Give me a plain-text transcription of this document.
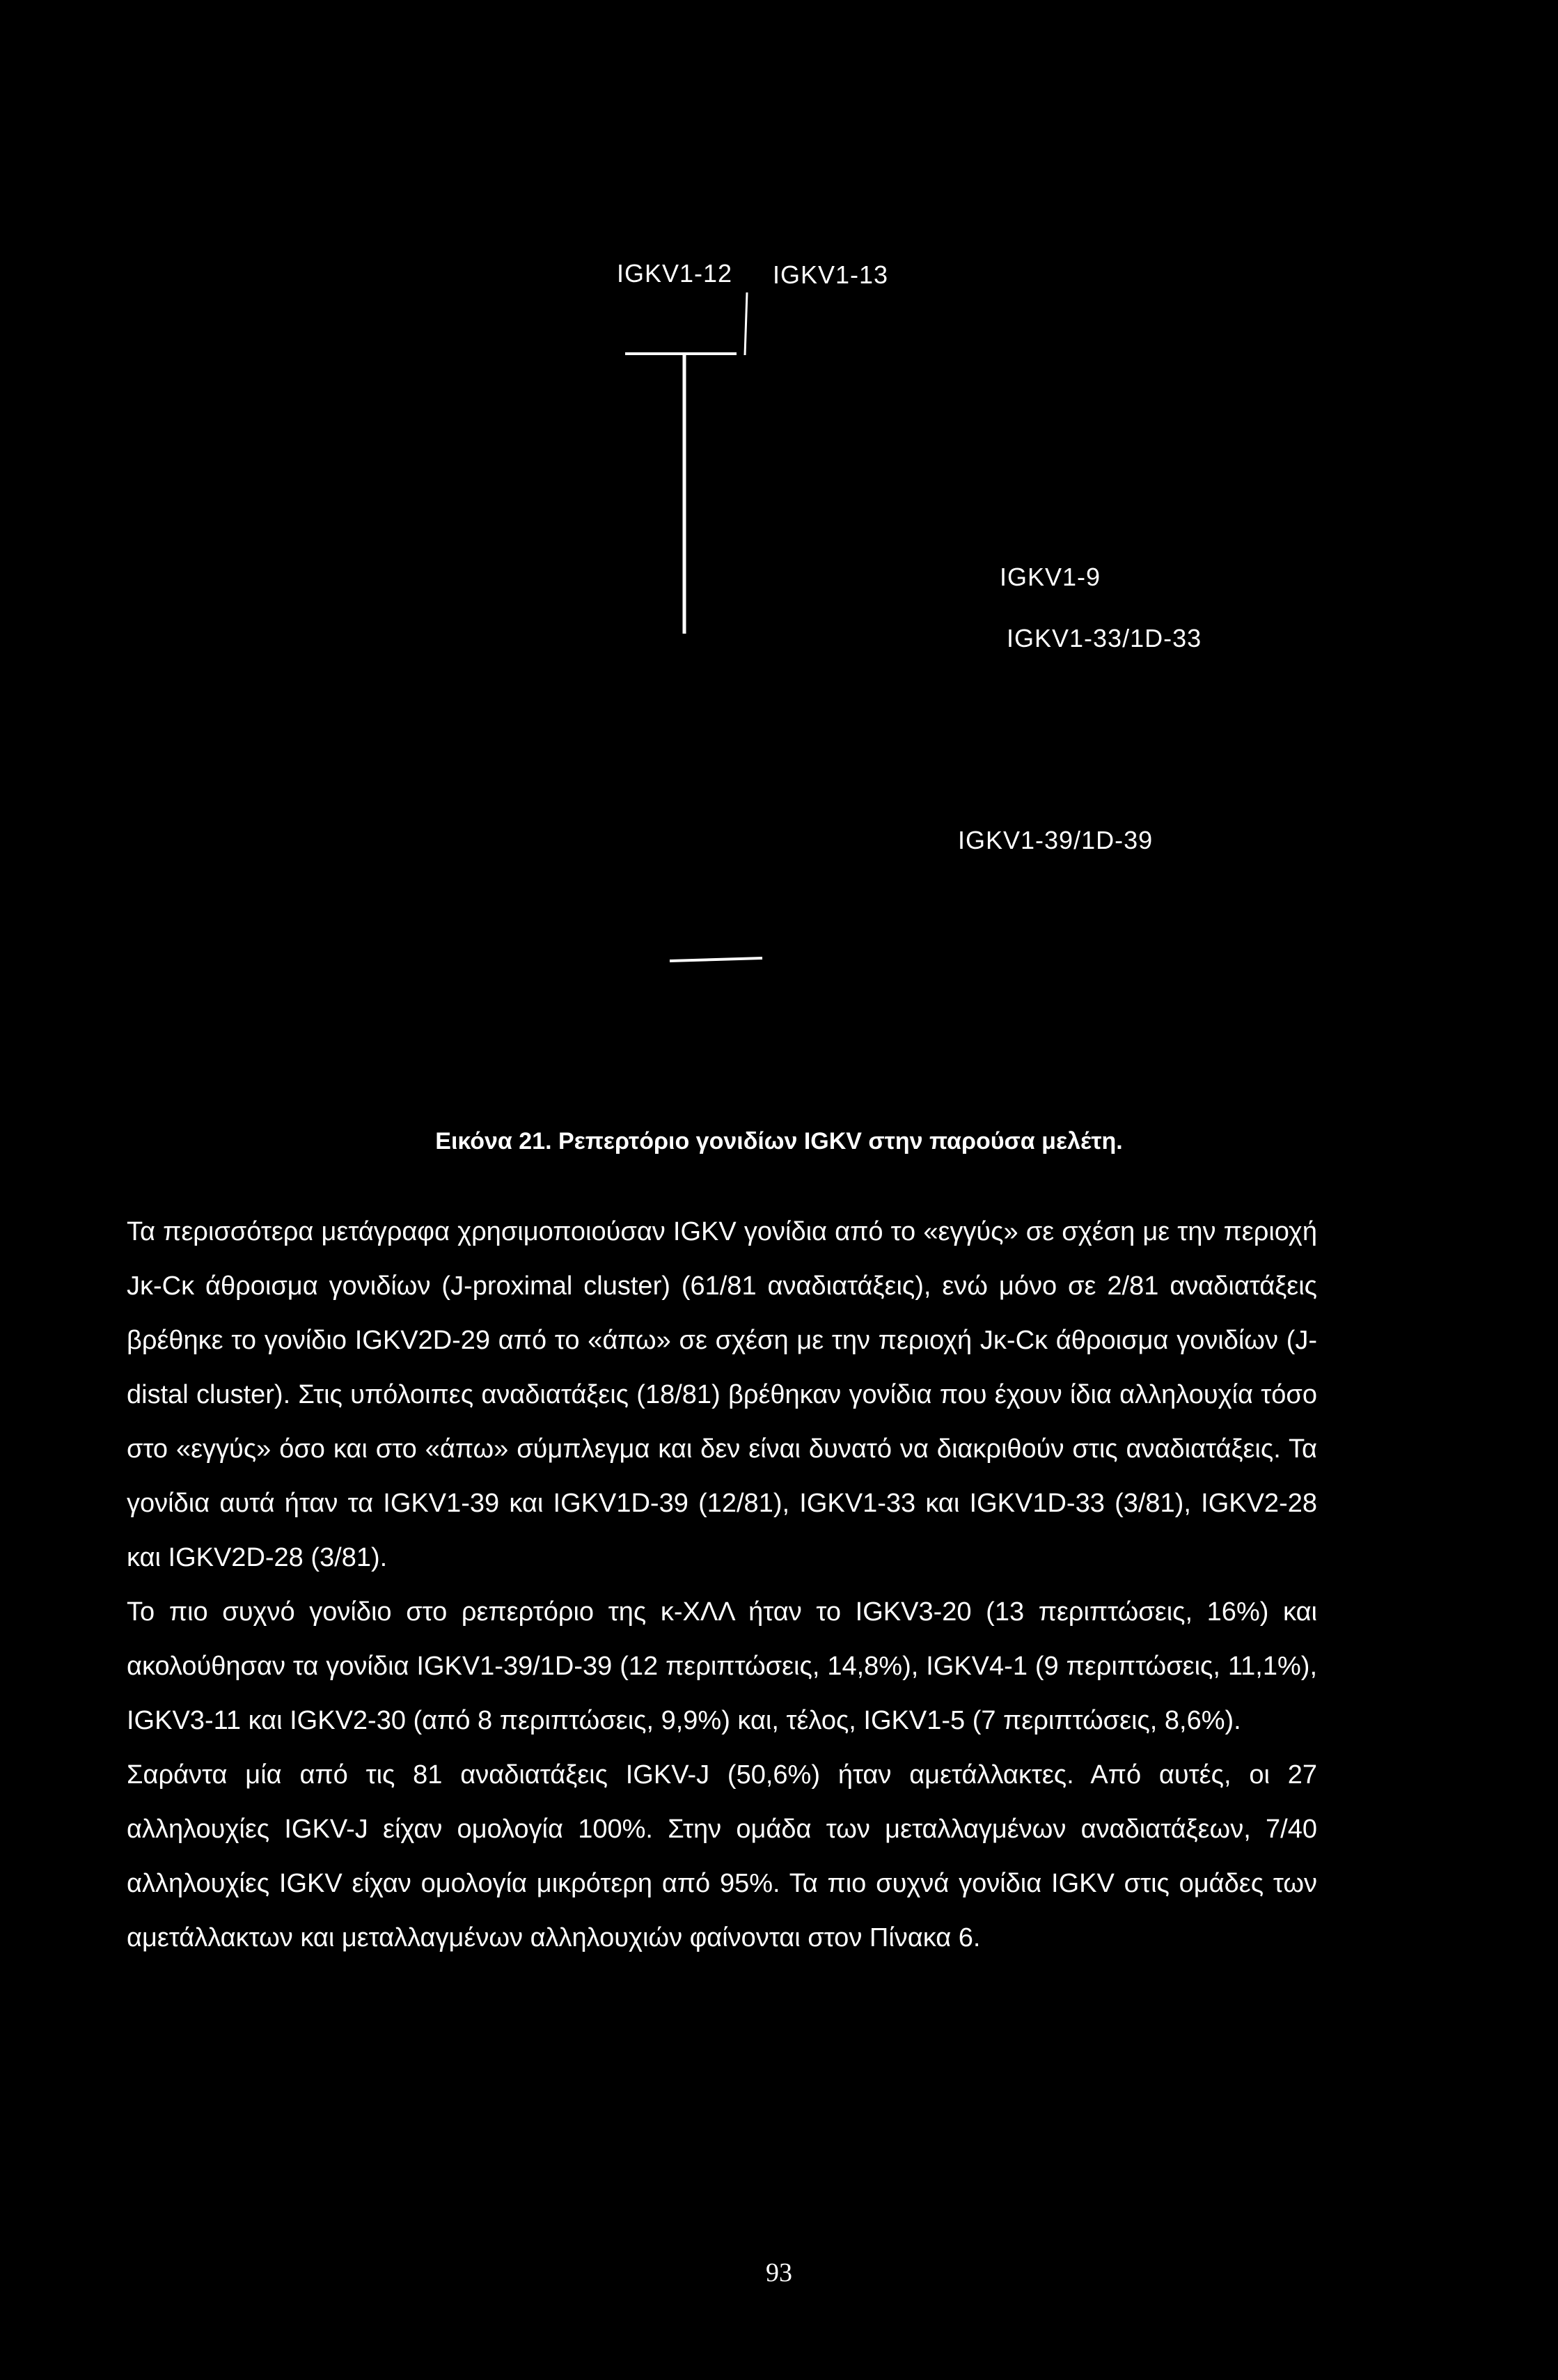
IGKV1-12 IGKV1-13
IGKV1-9
IGKV1-33/1D-33
IGKV1-39/1D-39
Εικόνα 21. Ρεπερτόριο γονιδίων IGKV στην παρούσα μελέτη.

Τα περισσότερα μετάγραφα χρησιμοποιούσαν IGKV γονίδια από το «εγγύς» σε σχέση με την περιοχή Jκ-Cκ άθροισμα γονιδίων (J-proximal cluster) (61/81 αναδιατάξεις), ενώ μόνο σε 2/81 αναδιατάξεις βρέθηκε το γονίδιο IGKV2D-29 από το «άπω» σε σχέση με την περιοχή Jκ-Cκ άθροισμα γονιδίων (J-distal cluster). Στις υπόλοιπες αναδιατάξεις (18/81) βρέθηκαν γονίδια που έχουν ίδια αλληλουχία τόσο στο «εγγύς» όσο και στο «άπω» σύμπλεγμα και δεν είναι δυνατό να διακριθούν στις αναδιατάξεις. Τα γονίδια αυτά ήταν τα IGKV1-39 και IGKV1D-39 (12/81), IGKV1-33 και IGKV1D-33 (3/81), IGKV2-28 και IGKV2D-28 (3/81).

Το πιο συχνό γονίδιο στο ρεπερτόριο της κ-ΧΛΛ ήταν το IGKV3-20 (13 περιπτώσεις, 16%) και ακολούθησαν τα γονίδια IGKV1-39/1D-39 (12 περιπτώσεις, 14,8%), IGKV4-1 (9 περιπτώσεις, 11,1%), IGKV3-11 και IGKV2-30 (από 8 περιπτώσεις, 9,9%) και, τέλος, IGKV1-5 (7 περιπτώσεις, 8,6%).

Σαράντα μία από τις 81 αναδιατάξεις IGKV-J (50,6%) ήταν αμετάλλακτες. Από αυτές, οι 27 αλληλουχίες IGKV-J είχαν ομολογία 100%. Στην ομάδα των μεταλλαγμένων αναδιατάξεων, 7/40 αλληλουχίες IGKV είχαν ομολογία μικρότερη από 95%. Τα πιο συχνά γονίδια IGKV στις ομάδες των αμετάλλακτων και μεταλλαγμένων αλληλουχιών φαίνονται στον Πίνακα 6.

93
